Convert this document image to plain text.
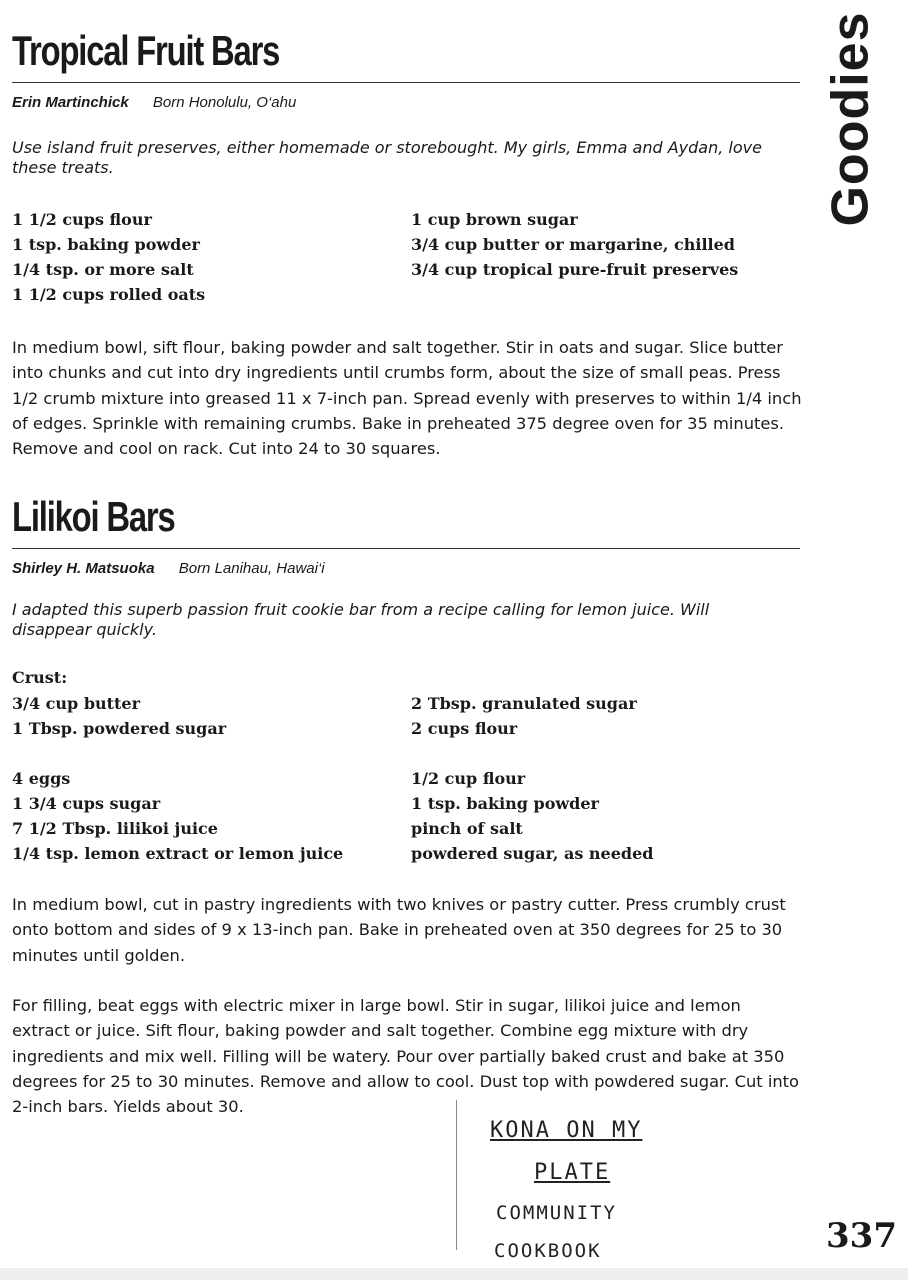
Tropical Fruit Bars
Erin Martinchick Born Honolulu, O‘ahu

Use island fruit preserves, either homemade or storebought. My girls, Emma and Aydan, love these treats.

1 1/2 cups flour
1 tsp. baking powder
1/4 tsp. or more salt
1 1/2 cups rolled oats
1 cup brown sugar
3/4 cup butter or margarine, chilled
3/4 cup tropical pure-fruit preserves

In medium bowl, sift flour, baking powder and salt together. Stir in oats and sugar. Slice butter into chunks and cut into dry ingredients until crumbs form, about the size of small peas. Press 1/2 crumb mixture into greased 11 x 7-inch pan. Spread evenly with preserves to within 1/4 inch of edges. Sprinkle with remaining crumbs. Bake in preheated 375 degree oven for 35 minutes. Remove and cool on rack. Cut into 24 to 30 squares.

Lilikoi Bars
Shirley H. Matsuoka Born Lanihau, Hawai‘i

I adapted this superb passion fruit cookie bar from a recipe calling for lemon juice. Will disappear quickly.

Crust:
3/4 cup butter
1 Tbsp. powdered sugar
2 Tbsp. granulated sugar
2 cups flour
4 eggs
1 3/4 cups sugar
7 1/2 Tbsp. lilikoi juice
1/4 tsp. lemon extract or lemon juice
1/2 cup flour
1 tsp. baking powder
pinch of salt
powdered sugar, as needed

In medium bowl, cut in pastry ingredients with two knives or pastry cutter. Press crumbly crust onto bottom and sides of 9 x 13-inch pan. Bake in preheated oven at 350 degrees for 25 to 30 minutes until golden.

For filling, beat eggs with electric mixer in large bowl. Stir in sugar, lilikoi juice and lemon extract or juice. Sift flour, baking powder and salt together. Combine egg mixture with dry ingredients and mix well. Filling will be watery. Pour over partially baked crust and bake at 350 degrees for 25 to 30 minutes. Remove and allow to cool. Dust top with powdered sugar. Cut into 2-inch bars. Yields about 30.

Goodies
KONA ON MY
PLATE
COMMUNITY
COOKBOOK	337
